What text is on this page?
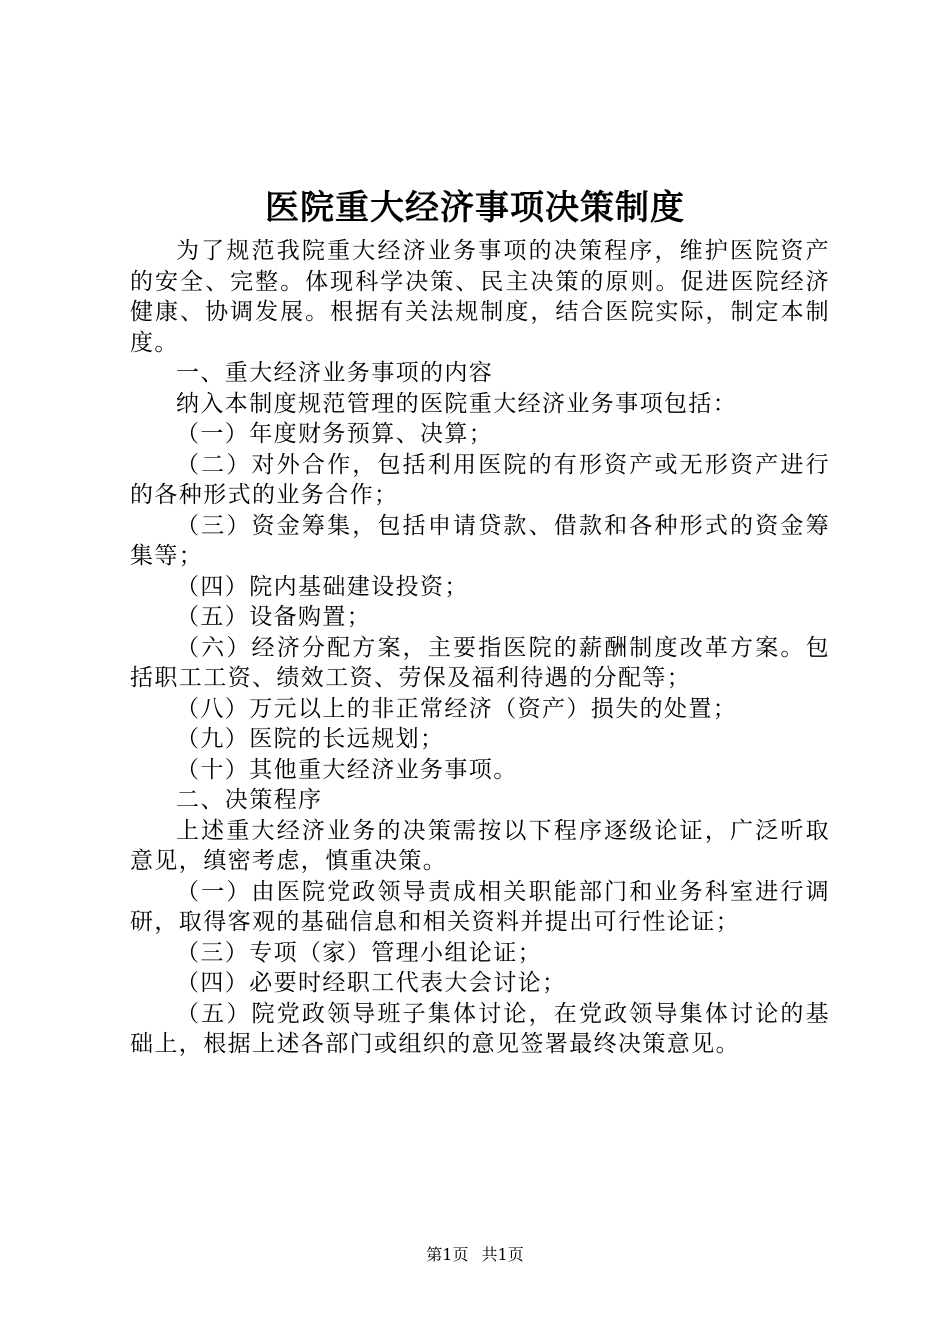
医院重大经济事项决策制度

为了规范我院重大经济业务事项的决策程序，维护医院资产的安全、完整。体现科学决策、民主决策的原则。促进医院经济健康、协调发展。根据有关法规制度，结合医院实际，制定本制度。

一、重大经济业务事项的内容

纳入本制度规范管理的医院重大经济业务事项包括：

（一）年度财务预算、决算；

（二）对外合作，包括利用医院的有形资产或无形资产进行的各种形式的业务合作；

（三）资金筹集，包括申请贷款、借款和各种形式的资金筹集等；

（四）院内基础建设投资；

（五）设备购置；

（六）经济分配方案，主要指医院的薪酬制度改革方案。包括职工工资、绩效工资、劳保及福利待遇的分配等；

（八）万元以上的非正常经济（资产）损失的处置；

（九）医院的长远规划；

（十）其他重大经济业务事项。

二、决策程序

上述重大经济业务的决策需按以下程序逐级论证，广泛听取意见，缜密考虑，慎重决策。

（一）由医院党政领导责成相关职能部门和业务科室进行调研，取得客观的基础信息和相关资料并提出可行性论证；

（三）专项（家）管理小组论证；

（四）必要时经职工代表大会讨论；

（五）院党政领导班子集体讨论，在党政领导集体讨论的基础上，根据上述各部门或组织的意见签署最终决策意见。

第1页 共1页
